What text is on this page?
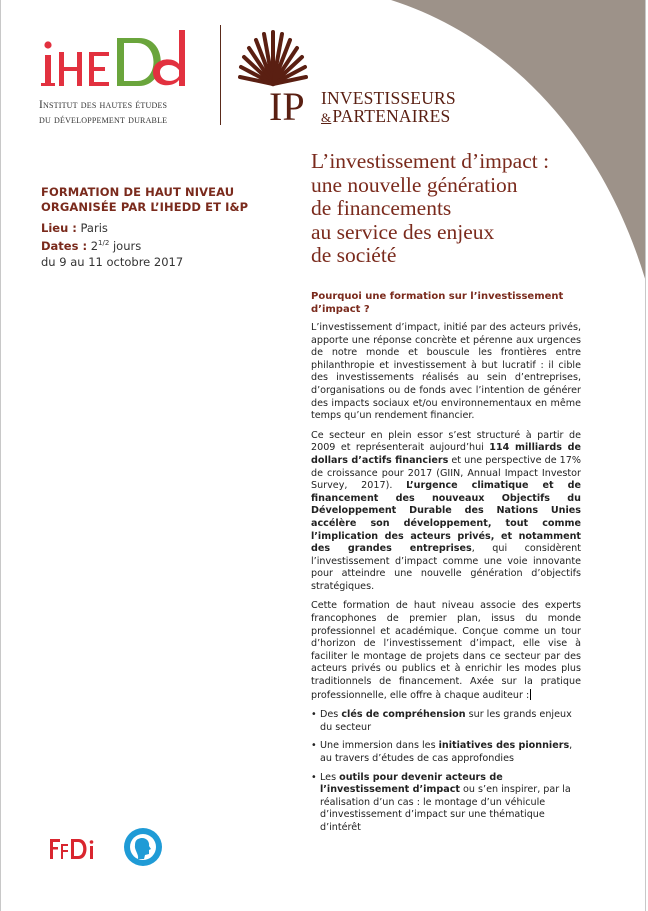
Institut des hautes études
du développement durable	IP INVESTISSEURS
&PARTENAIRES

FORMATION DE HAUT NIVEAU
ORGANISÉE PAR L’IHEDD ET I&P

Lieu : Paris
Dates : $2^{1/2}$ jours
du 9 au 11 octobre 2017
L’investissement d’impact :
une nouvelle génération
de financements
au service des enjeux
de société
Pourquoi une formation sur l’investissement d’impact ?

L’investissement d’impact, initié par des acteurs privés, apporte une réponse concrète et pérenne aux urgences de notre monde et bouscule les frontières entre philanthropie et investissement à but lucratif : il cible des investissements réalisés au sein d’entreprises, d’organisations ou de fonds avec l’intention de générer des impacts sociaux et/ou environnementaux en même temps qu’un rendement financier.

Ce secteur en plein essor s’est structuré à partir de 2009 et représenterait aujourd’hui 114 milliards de dollars d’actifs financiers et une perspective de 17% de croissance pour 2017 (GIIN, Annual Impact Investor Survey, 2017). L’urgence climatique et de financement des nouveaux Objectifs du Développement Durable des Nations Unies accélère son développement, tout comme l’implication des acteurs privés, et notamment des grandes entreprises, qui considèrent l’investissement d’impact comme une voie innovante pour atteindre une nouvelle génération d’objectifs stratégiques.

Cette formation de haut niveau associe des experts francophones de premier plan, issus du monde professionnel et académique. Conçue comme un tour d’horizon de l’investissement d’impact, elle vise à faciliter le montage de projets dans ce secteur par des acteurs privés ou publics et à enrichir les modes plus traditionnels de financement. Axée sur la pratique professionnelle, elle offre à chaque auditeur :

• Des clés de compréhension sur les grands enjeux du secteur
• Une immersion dans les initiatives des pionniers, au travers d’études de cas approfondies
• Les outils pour devenir acteurs de l’investissement d’impact ou s’en inspirer, par la réalisation d’un cas : le montage d’un véhicule d’investissement d’impact sur une thématique d’intérêt
